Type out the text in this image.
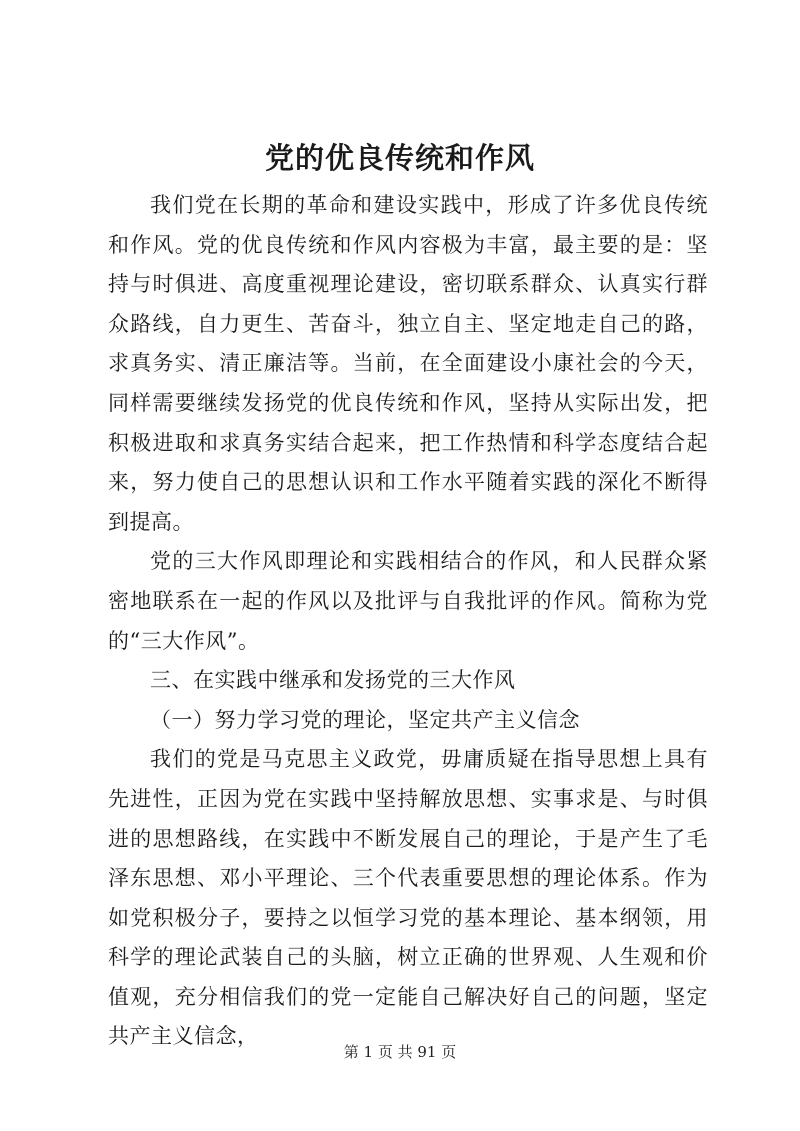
党的优良传统和作风

我们党在长期的革命和建设实践中，形成了许多优良传统和作风。党的优良传统和作风内容极为丰富，最主要的是：坚持与时俱进、高度重视理论建设，密切联系群众、认真实行群众路线，自力更生、苦奋斗，独立自主、坚定地走自己的路，求真务实、清正廉洁等。当前，在全面建设小康社会的今天，同样需要继续发扬党的优良传统和作风，坚持从实际出发，把积极进取和求真务实结合起来，把工作热情和科学态度结合起来，努力使自己的思想认识和工作水平随着实践的深化不断得到提高。

党的三大作风即理论和实践相结合的作风，和人民群众紧密地联系在一起的作风以及批评与自我批评的作风。简称为党的“三大作风”。

三、在实践中继承和发扬党的三大作风

（一）努力学习党的理论，坚定共产主义信念

我们的党是马克思主义政党，毋庸质疑在指导思想上具有先进性，正因为党在实践中坚持解放思想、实事求是、与时俱进的思想路线，在实践中不断发展自己的理论，于是产生了毛泽东思想、邓小平理论、三个代表重要思想的理论体系。作为如党积极分子，要持之以恒学习党的基本理论、基本纲领，用科学的理论武装自己的头脑，树立正确的世界观、人生观和价值观，充分相信我们的党一定能自己解决好自己的问题，坚定共产主义信念，

第 1 页 共 91 页
